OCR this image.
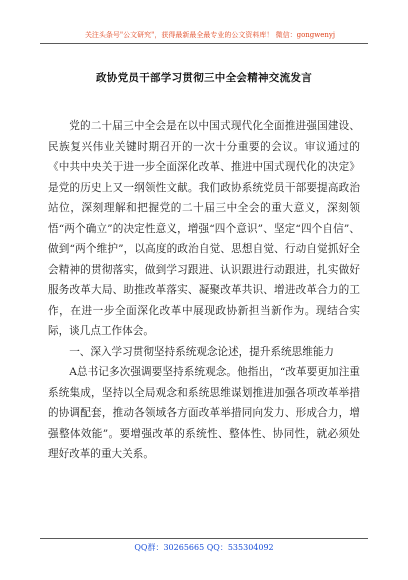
关注头条号"公文研究"，获得最新最全最专业的公文资料库！ 微信：gongwenyj
政协党员干部学习贯彻三中全会精神交流发言

党的二十届三中全会是在以中国式现代化全面推进强国建设、民族复兴伟业关键时期召开的一次十分重要的会议。审议通过的《中共中央关于进一步全面深化改革、推进中国式现代化的决定》是党的历史上又一纲领性文献。我们政协系统党员干部要提高政治站位，深刻理解和把握党的二十届三中全会的重大意义，深刻领悟“两个确立”的决定性意义，增强“四个意识”、坚定“四个自信”、做到“两个维护”，以高度的政治自觉、思想自觉、行动自觉抓好全会精神的贯彻落实，做到学习跟进、认识跟进行动跟进，扎实做好服务改革大局、助推改革落实、凝聚改革共识、增进改革合力的工作，在进一步全面深化改革中展现政协新担当新作为。现结合实际，谈几点工作体会。

一、深入学习贯彻坚持系统观念论述，提升系统思维能力

A总书记多次强调要坚持系统观念。他指出，“改革要更加注重系统集成，坚持以全局观念和系统思维谋划推进加强各项改革举措的协调配套，推动各领域各方面改革举措同向发力、形成合力，增强整体效能”。要增强改革的系统性、整体性、协同性，就必须处理好改革的重大关系。

QQ群：30265665 QQ：535304092
